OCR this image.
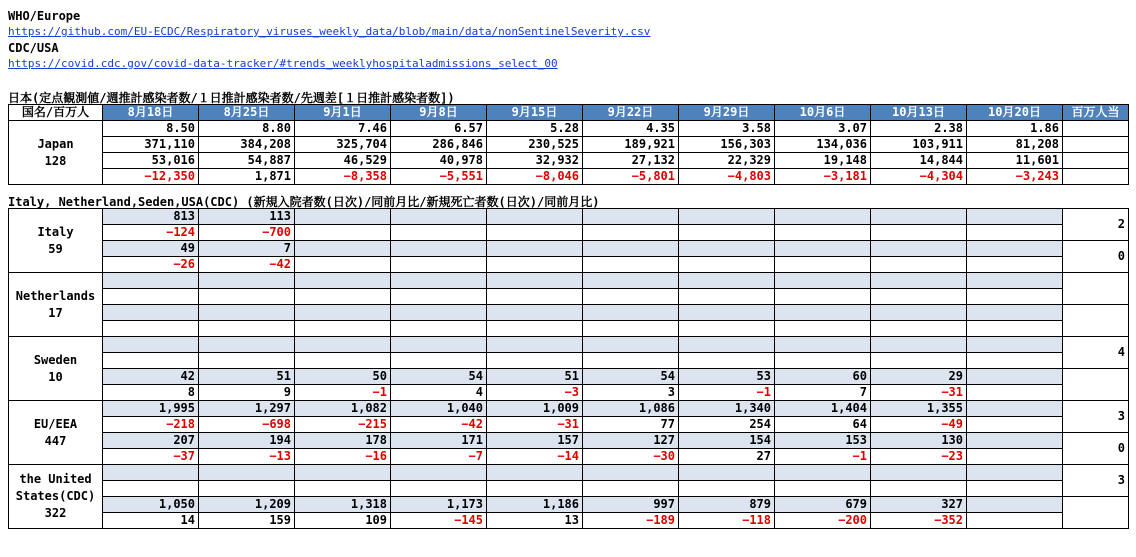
WHO/Europe
https://github.com/EU-ECDC/Respiratory_viruses_weekly_data/blob/main/data/nonSentinelSeverity.csv
CDC/USA
https://covid.cdc.gov/covid-data-tracker/#trends_weeklyhospitaladmissions_select_00
日本(定点観測値/週推計感染者数/１日推計感染者数/先週差[１日推計感染者数])
国名/百万人	8月18日	8月25日	9月1日	9月8日	9月15日	9月22日	9月29日	10月6日	10月13日	10月20日	百万人当

Japan
128	8.50	8.80	7.46	6.57	5.28	4.35	3.58	3.07	2.38	1.86	
	371,110	384,208	325,704	286,846	230,525	189,921	156,303	134,036	103,911	81,208	
	53,016	54,887	46,529	40,978	32,932	27,132	22,329	19,148	14,844	11,601	
	−12,350	1,871	−8,358	−5,551	−8,046	−5,801	−4,803	−3,181	−4,304	−3,243	
Italy, Netherland,Seden,USA(CDC) (新規入院者数(日次)/同前月比/新規死亡者数(日次)/同前月比)
Italy
59	813	113									2
	−124	−700									
	49	7									0
	−26	−42									

Netherlands
17											

Sweden
10											4

	42	51	50	54	51	54	53	60	29		
	8	9	−1	4	−3	3	−1	7	−31		

EU/EEA
447	1,995	1,297	1,082	1,040	1,009	1,086	1,340	1,404	1,355		3
	−218	−698	−215	−42	−31	77	254	64	−49		
	207	194	178	171	157	127	154	153	130		0
	−37	−13	−16	−7	−14	−30	27	−1	−23		

the United States(CDC)
322											3

	1,050	1,209	1,318	1,173	1,186	997	879	679	327		
	14	159	109	−145	13	−189	−118	−200	−352		
